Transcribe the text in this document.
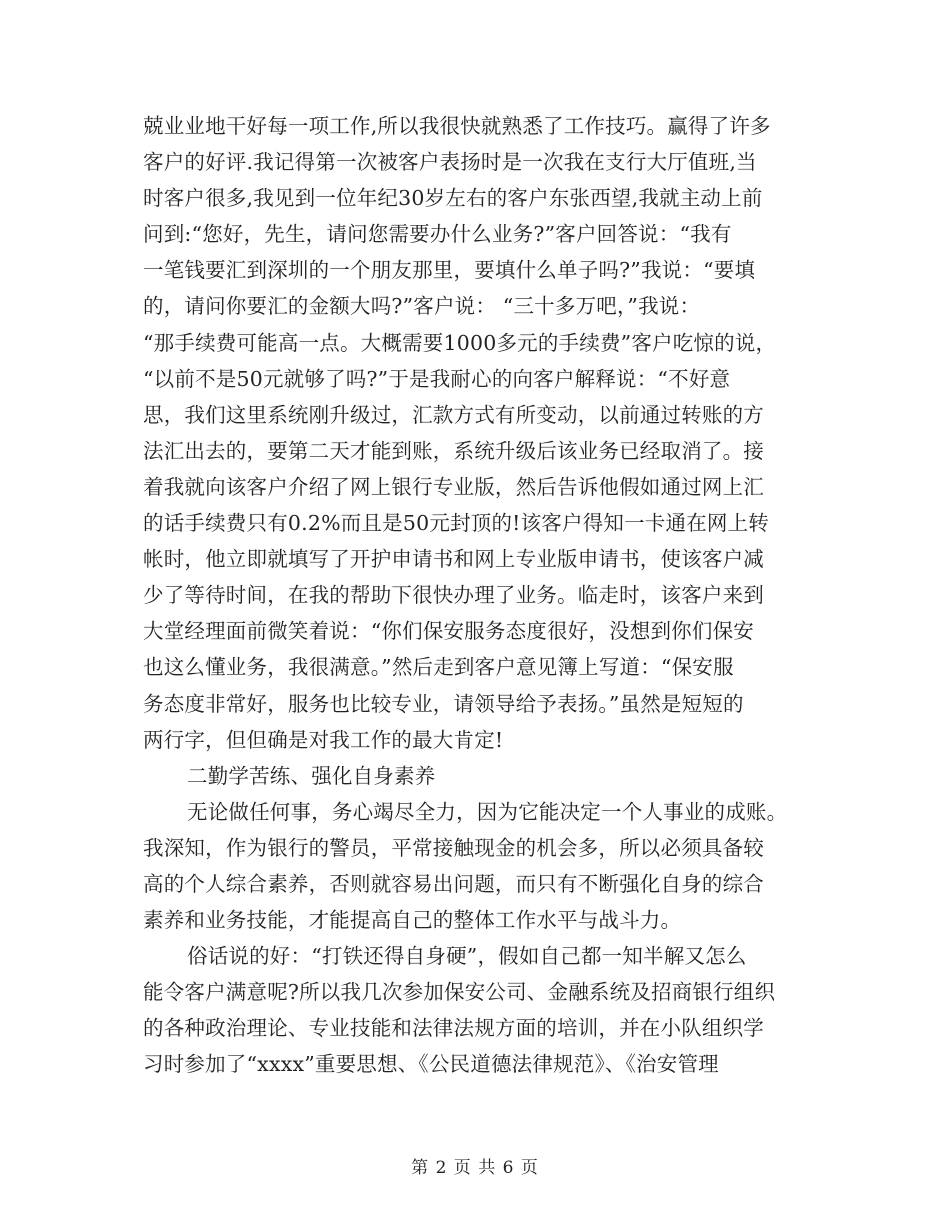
兢业业地干好每一项工作,所以我很快就熟悉了工作技巧。赢得了许多
客户的好评.我记得第一次被客户表扬时是一次我在支行大厅值班,当
时客户很多,我见到一位年纪30岁左右的客户东张西望,我就主动上前
问到:“您好，先生，请问您需要办什么业务?”客户回答说：“我有
一笔钱要汇到深圳的一个朋友那里，要填什么单子吗?”我说：“要填
的，请问你要汇的金额大吗?”客户说： “三十多万吧，”我说：
“那手续费可能高一点。大概需要1000多元的手续费”客户吃惊的说，
“以前不是50元就够了吗?”于是我耐心的向客户解释说：“不好意
思，我们这里系统刚升级过，汇款方式有所变动，以前通过转账的方
法汇出去的，要第二天才能到账，系统升级后该业务已经取消了。接
着我就向该客户介绍了网上银行专业版，然后告诉他假如通过网上汇
的话手续费只有0.2%而且是50元封顶的!该客户得知一卡通在网上转
帐时，他立即就填写了开护申请书和网上专业版申请书，使该客户减
少了等待时间，在我的帮助下很快办理了业务。临走时，该客户来到
大堂经理面前微笑着说：“你们保安服务态度很好，没想到你们保安
也这么懂业务，我很满意。”然后走到客户意见簿上写道：“保安服
务态度非常好，服务也比较专业，请领导给予表扬。”虽然是短短的
两行字，但但确是对我工作的最大肯定!
二勤学苦练、强化自身素养
无论做任何事，务心竭尽全力，因为它能决定一个人事业的成账。
我深知，作为银行的警员，平常接触现金的机会多，所以必须具备较
高的个人综合素养，否则就容易出问题，而只有不断强化自身的综合
素养和业务技能，才能提高自己的整体工作水平与战斗力。
俗话说的好：“打铁还得自身硬”，假如自己都一知半解又怎么
能令客户满意呢?所以我几次参加保安公司、金融系统及招商银行组织
的各种政治理论、专业技能和法律法规方面的培训，并在小队组织学
习时参加了“xxxx”重要思想、《公民道德法律规范》、《治安管理
第 2 页 共 6 页
